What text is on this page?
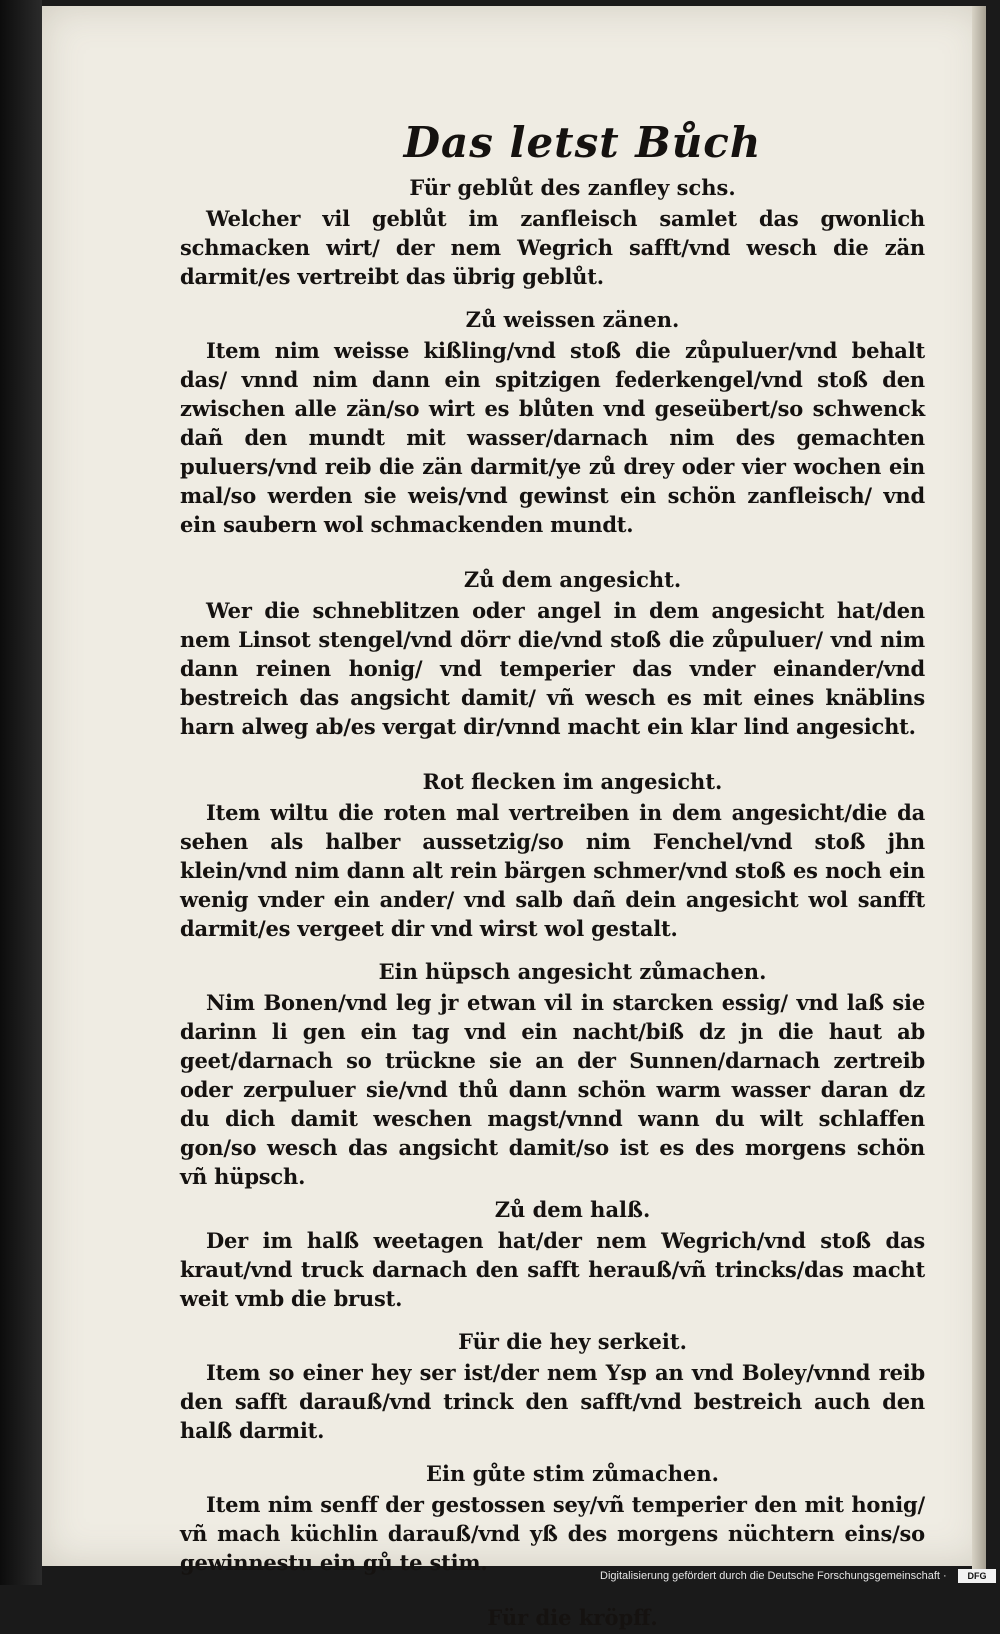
Das letst Bůch
Für geblůt des zanfley schs.

Welcher vil geblůt im zanfleisch samlet das gwonlich schmacken wirt/ der nem Wegrich safft/vnd wesch die zän darmit/es vertreibt das übrig geblůt.

Zů weissen zänen.

Item nim weisse kißling/vnd stoß die zůpuluer/vnd behalt das/ vnnd nim dann ein spitzigen federkengel/vnd stoß den zwischen alle zän/so wirt es blůten vnd geseübert/so schwenck dañ den mundt mit wasser/darnach nim des gemachten puluers/vnd reib die zän darmit/ye zů drey oder vier wochen ein mal/so werden sie weis/vnd gewinst ein schön zanfleisch/ vnd ein saubern wol schmackenden mundt.

Zů dem angesicht.

Wer die schneblitzen oder angel in dem angesicht hat/den nem Linsot stengel/vnd dörr die/vnd stoß die zůpuluer/ vnd nim dann reinen honig/ vnd temperier das vnder einander/vnd bestreich das angsicht damit/ vñ wesch es mit eines knäblins harn alweg ab/es vergat dir/vnnd macht ein klar lind angesicht.

Rot flecken im angesicht.

Item wiltu die roten mal vertreiben in dem angesicht/die da sehen als halber aussetzig/so nim Fenchel/vnd stoß jhn klein/vnd nim dann alt rein bärgen schmer/vnd stoß es noch ein wenig vnder ein ander/ vnd salb dañ dein angesicht wol sanfft darmit/es vergeet dir vnd wirst wol gestalt.

Ein hüpsch angesicht zůmachen.

Nim Bonen/vnd leg jr etwan vil in starcken essig/ vnd laß sie darinn li gen ein tag vnd ein nacht/biß dz jn die haut ab geet/darnach so trückne sie an der Sunnen/darnach zertreib oder zerpuluer sie/vnd thů dann schön warm wasser daran dz du dich damit weschen magst/vnnd wann du wilt schlaffen gon/so wesch das angsicht damit/so ist es des morgens schön vñ hüpsch.

Zů dem halß.

Der im halß weetagen hat/der nem Wegrich/vnd stoß das kraut/vnd truck darnach den safft herauß/vñ trincks/das macht weit vmb die brust.

Für die hey serkeit.

Item so einer hey ser ist/der nem Ysp an vnd Boley/vnnd reib den safft darauß/vnd trinck den safft/vnd bestreich auch den halß darmit.

Ein gůte stim zůmachen.

Item nim senff der gestossen sey/vñ temperier den mit honig/ vñ mach küchlin darauß/vnd yß des morgens nüchtern eins/so gewinnestu ein gů te stim.

Für die kröpff.
Digitalisierung gefördert durch die Deutsche Forschungsgemeinschaft ·	DFG
